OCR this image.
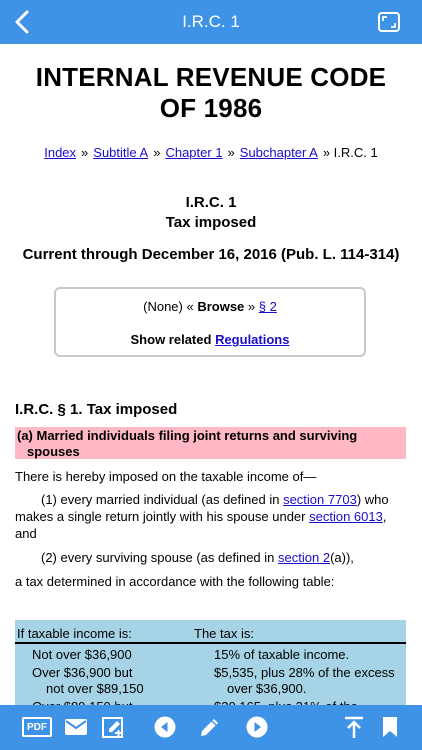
I.R.C. 1
INTERNAL REVENUE CODE
OF 1986
Index » Subtitle A » Chapter 1 » Subchapter A » I.R.C. 1
I.R.C. 1
Tax imposed
Current through December 16, 2016 (Pub. L. 114-314)
(None) « Browse » § 2
Show related Regulations
I.R.C. § 1. Tax imposed
(a) Married individuals filing joint returns and surviving
spouses
There is hereby imposed on the taxable income of—
(1) every married individual (as defined in section 7703) who
makes a single return jointly with his spouse under section 6013,
and
(2) every surviving spouse (as defined in section 2(a)),
a tax determined in accordance with the following table:
If taxable income is:	The tax is:
Not over $36,900	15% of taxable income.
Over $36,900 but
not over $89,150
$5,535, plus 28% of the excess
over $36,900.
PDF
